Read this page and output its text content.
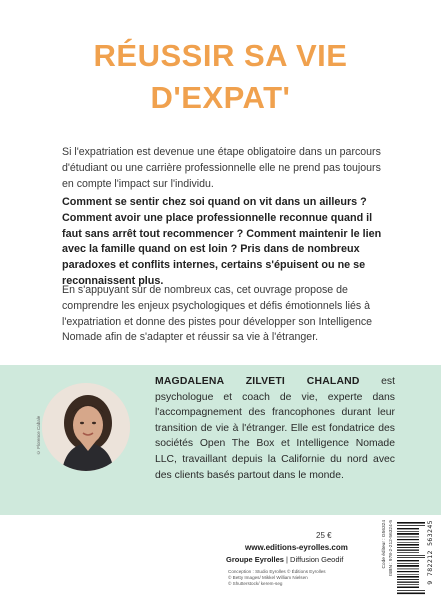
RÉUSSIR SA VIE
D'EXPAT'

Si l'expatriation est devenue une étape obligatoire dans un parcours d'étudiant ou une carrière professionnelle elle ne prend pas toujours en compte l'impact sur l'individu.

Comment se sentir chez soi quand on vit dans un ailleurs ? Comment avoir une place professionnelle reconnue quand il faut sans arrêt tout recommencer ? Comment maintenir le lien avec la famille quand on est loin ? Pris dans de nombreux paradoxes et conflits internes, certains s'épuisent ou ne se reconnaissent plus.

En s'appuyant sur de nombreux cas, cet ouvrage propose de comprendre les enjeux psychologiques et défis émotionnels liés à l'expatriation et donne des pistes pour développer son Intelligence Nomade afin de s'adapter et réussir sa vie à l'étranger.

© Florence Cabale

MAGDALENA ZILVETI CHALAND est psychologue et coach de vie, experte dans l'accompagnement des francophones durant leur transition de vie à l'étranger. Elle est fondatrice des sociétés Open The Box et Intelligence Nomade LLC, travaillant depuis la Californie du nord avec des clients basés partout dans le monde.

25 €
www.editions-eyrolles.com
Groupe Eyrolles | Diffusion Geodif

Conception : Studio Eyrolles © Éditions Eyrolles
© Betty Images/ Mikkel William Nielsen
© Shutterstock/ kerem-seg

Code éditeur : G56324 ISBN : 978-2-212-56324-5	9 782212 563245
